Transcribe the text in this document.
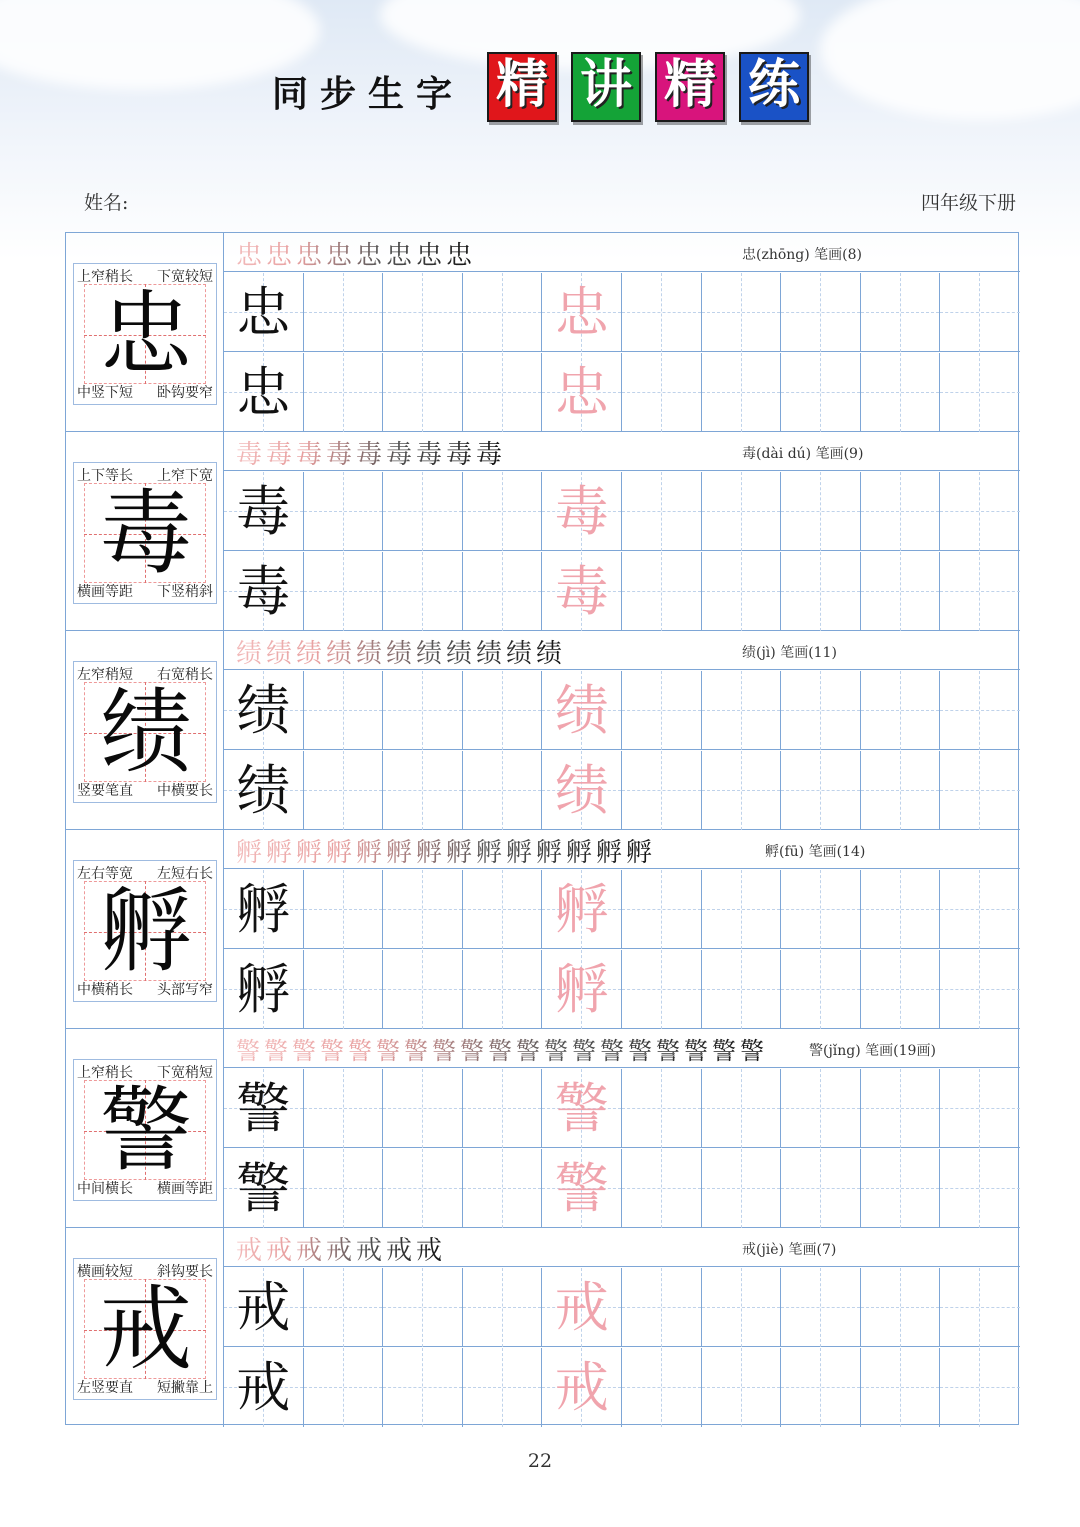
同步生字 精 讲 精 练
姓名:	四年级下册
忠
上窄稍长 下宽较短
中竖下短 卧钩要窄
忠忠忠忠忠忠忠忠	忠(zhōng) 笔画(8)
忠	忠
忠	忠
毒
上下等长 上窄下宽
横画等距 下竖稍斜
毒毒毒毒毒毒毒毒毒	毒(dài dú) 笔画(9)
毒	毒
毒	毒
绩
左窄稍短 右宽稍长
竖要笔直 中横要长
绩绩绩绩绩绩绩绩绩绩绩	绩(jì) 笔画(11)
绩	绩
绩	绩
孵
左右等宽 左短右长
中横稍长 头部写窄
孵孵孵孵孵孵孵孵孵孵孵孵孵孵	孵(fū) 笔画(14)
孵	孵
孵	孵
警
上窄稍长 下宽稍短
中间横长 横画等距
警警警警警警警警警警警警警警警警警警警	警(jǐng) 笔画(19画)
警	警
警	警
戒
横画较短 斜钩要长
左竖要直 短撇靠上
戒戒戒戒戒戒戒	戒(jiè) 笔画(7)
戒	戒
戒	戒
22
